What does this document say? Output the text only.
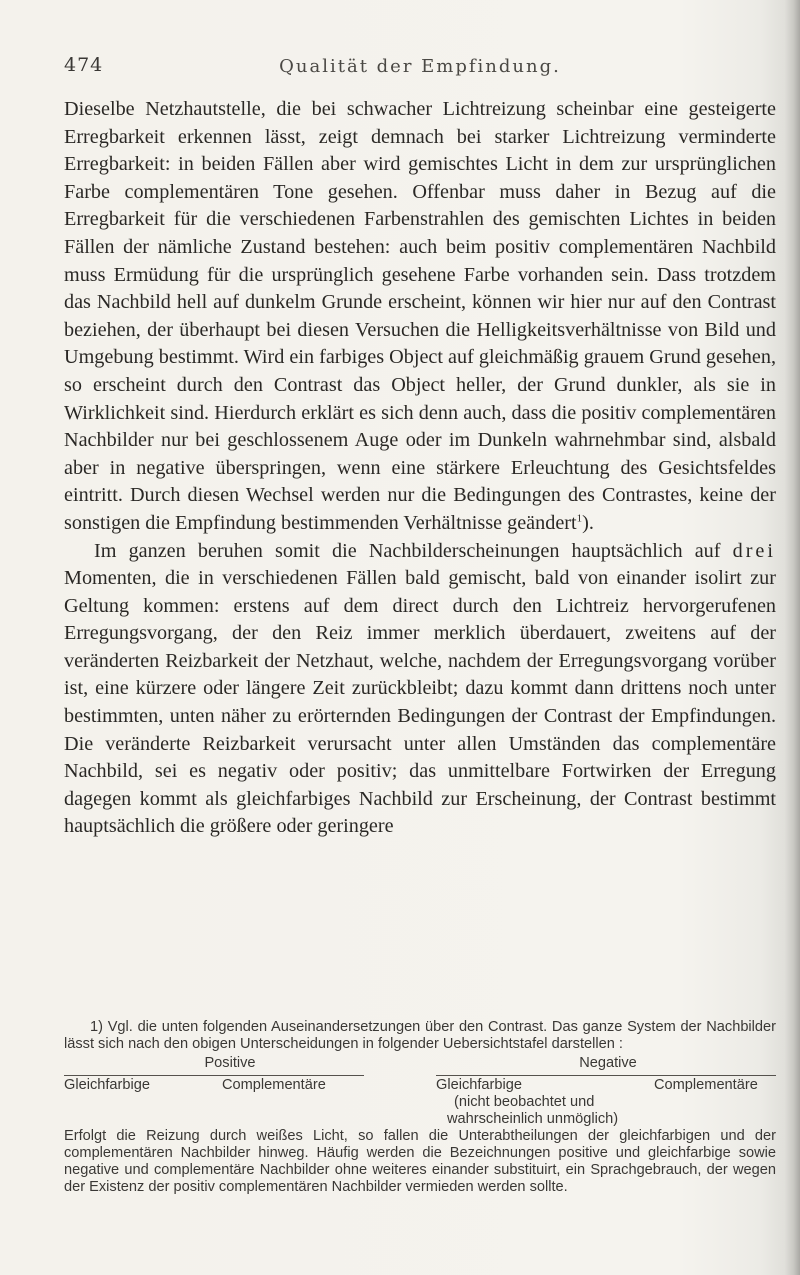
474	Qualität der Empfindung.

Dieselbe Netzhautstelle, die bei schwacher Lichtreizung scheinbar eine gesteigerte Erregbarkeit erkennen lässt, zeigt demnach bei starker Lichtreizung verminderte Erregbarkeit: in beiden Fällen aber wird gemischtes Licht in dem zur ursprünglichen Farbe complementären Tone gesehen. Offenbar muss daher in Bezug auf die Erregbarkeit für die verschiedenen Farbenstrahlen des gemischten Lichtes in beiden Fällen der nämliche Zustand bestehen: auch beim positiv complementären Nachbild muss Ermüdung für die ursprünglich gesehene Farbe vorhanden sein. Dass trotzdem das Nachbild hell auf dunkelm Grunde erscheint, können wir hier nur auf den Contrast beziehen, der überhaupt bei diesen Versuchen die Helligkeitsverhältnisse von Bild und Umgebung bestimmt. Wird ein farbiges Object auf gleichmäßig grauem Grund gesehen, so erscheint durch den Contrast das Object heller, der Grund dunkler, als sie in Wirklichkeit sind. Hierdurch erklärt es sich denn auch, dass die positiv complementären Nachbilder nur bei geschlossenem Auge oder im Dunkeln wahrnehmbar sind, alsbald aber in negative überspringen, wenn eine stärkere Erleuchtung des Gesichtsfeldes eintritt. Durch diesen Wechsel werden nur die Bedingungen des Contrastes, keine der sonstigen die Empfindung bestimmenden Verhältnisse geändert$^1$).

Im ganzen beruhen somit die Nachbilderscheinungen hauptsächlich auf drei Momenten, die in verschiedenen Fällen bald gemischt, bald von einander isolirt zur Geltung kommen: erstens auf dem direct durch den Lichtreiz hervorgerufenen Erregungsvorgang, der den Reiz immer merklich überdauert, zweitens auf der veränderten Reizbarkeit der Netzhaut, welche, nachdem der Erregungsvorgang vorüber ist, eine kürzere oder längere Zeit zurückbleibt; dazu kommt dann drittens noch unter bestimmten, unten näher zu erörternden Bedingungen der Contrast der Empfindungen. Die veränderte Reizbarkeit verursacht unter allen Umständen das complementäre Nachbild, sei es negativ oder positiv; das unmittelbare Fortwirken der Erregung dagegen kommt als gleichfarbiges Nachbild zur Erscheinung, der Contrast bestimmt hauptsächlich die größere oder geringere

1) Vgl. die unten folgenden Auseinandersetzungen über den Contrast. Das ganze System der Nachbilder lässt sich nach den obigen Unterscheidungen in folgender Uebersichtstafel darstellen :

Positive	Negative
Gleichfarbige	Complementäre	Gleichfarbige	Complementäre
(nicht beobachtet und
wahrscheinlich unmöglich)

Erfolgt die Reizung durch weißes Licht, so fallen die Unterabtheilungen der gleichfarbigen und der complementären Nachbilder hinweg. Häufig werden die Bezeichnungen positive und gleichfarbige sowie negative und complementäre Nachbilder ohne weiteres einander substituirt, ein Sprachgebrauch, der wegen der Existenz der positiv complementären Nachbilder vermieden werden sollte.
